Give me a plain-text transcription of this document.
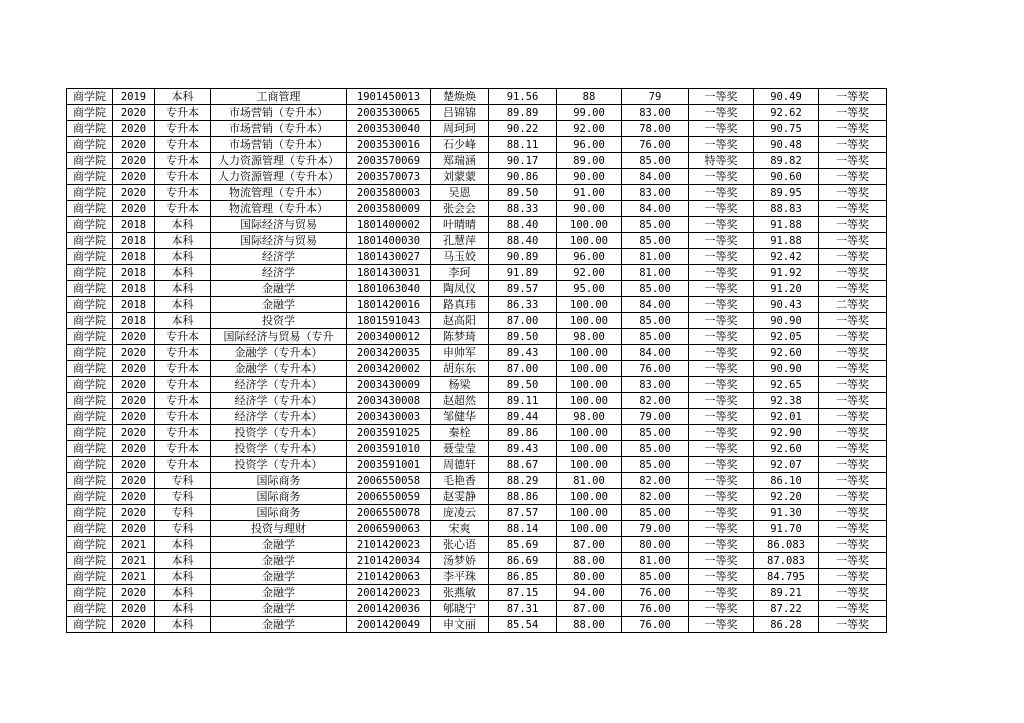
商学院	2019	本科	工商管理	1901450013	楚焕焕	91.56	88	79	一等奖	90.49	一等奖
商学院	2020	专升本	市场营销（专升本）	2003530065	吕锦锦	89.89	99.00	83.00	一等奖	92.62	一等奖
商学院	2020	专升本	市场营销（专升本）	2003530040	周珂珂	90.22	92.00	78.00	一等奖	90.75	一等奖
商学院	2020	专升本	市场营销（专升本）	2003530016	石少峰	88.11	96.00	76.00	一等奖	90.48	一等奖
商学院	2020	专升本	人力资源管理（专升本）	2003570069	郑瑞涵	90.17	89.00	85.00	特等奖	89.82	一等奖
商学院	2020	专升本	人力资源管理（专升本）	2003570073	刘蒙蒙	90.86	90.00	84.00	一等奖	90.60	一等奖
商学院	2020	专升本	物流管理（专升本）	2003580003	吴恩	89.50	91.00	83.00	一等奖	89.95	一等奖
商学院	2020	专升本	物流管理（专升本）	2003580009	张会会	88.33	90.00	84.00	一等奖	88.83	一等奖
商学院	2018	本科	国际经济与贸易	1801400002	叶晴晴	88.40	100.00	85.00	一等奖	91.88	一等奖
商学院	2018	本科	国际经济与贸易	1801400030	孔慧萍	88.40	100.00	85.00	一等奖	91.88	一等奖
商学院	2018	本科	经济学	1801430027	马玉姣	90.89	96.00	81.00	一等奖	92.42	一等奖
商学院	2018	本科	经济学	1801430031	李珂	91.89	92.00	81.00	一等奖	91.92	一等奖
商学院	2018	本科	金融学	1801063040	陶凤仪	89.57	95.00	85.00	一等奖	91.20	一等奖
商学院	2018	本科	金融学	1801420016	路真玮	86.33	100.00	84.00	一等奖	90.43	二等奖
商学院	2018	本科	投资学	1801591043	赵高阳	87.00	100.00	85.00	一等奖	90.90	一等奖
商学院	2020	专升本	国际经济与贸易（专升	2003400012	陈梦琦	89.50	98.00	85.00	一等奖	92.05	一等奖
商学院	2020	专升本	金融学（专升本）	2003420035	申帅军	89.43	100.00	84.00	一等奖	92.60	一等奖
商学院	2020	专升本	金融学（专升本）	2003420002	胡东东	87.00	100.00	76.00	一等奖	90.90	一等奖
商学院	2020	专升本	经济学（专升本）	2003430009	杨梁	89.50	100.00	83.00	一等奖	92.65	一等奖
商学院	2020	专升本	经济学（专升本）	2003430008	赵超然	89.11	100.00	82.00	一等奖	92.38	一等奖
商学院	2020	专升本	经济学（专升本）	2003430003	邹健华	89.44	98.00	79.00	一等奖	92.01	一等奖
商学院	2020	专升本	投资学（专升本）	2003591025	秦栓	89.86	100.00	85.00	一等奖	92.90	一等奖
商学院	2020	专升本	投资学（专升本）	2003591010	聂莹莹	89.43	100.00	85.00	一等奖	92.60	一等奖
商学院	2020	专升本	投资学（专升本）	2003591001	周德轩	88.67	100.00	85.00	一等奖	92.07	一等奖
商学院	2020	专科	国际商务	2006550058	毛艳香	88.29	81.00	82.00	一等奖	86.10	一等奖
商学院	2020	专科	国际商务	2006550059	赵雯静	88.86	100.00	82.00	一等奖	92.20	一等奖
商学院	2020	专科	国际商务	2006550078	庞凌云	87.57	100.00	85.00	一等奖	91.30	一等奖
商学院	2020	专科	投资与理财	2006590063	宋爽	88.14	100.00	79.00	一等奖	91.70	一等奖
商学院	2021	本科	金融学	2101420023	张心语	85.69	87.00	80.00	一等奖	86.083	一等奖
商学院	2021	本科	金融学	2101420034	汤梦娇	86.69	88.00	81.00	一等奖	87.083	一等奖
商学院	2021	本科	金融学	2101420063	李平珠	86.85	80.00	85.00	一等奖	84.795	一等奖
商学院	2020	本科	金融学	2001420023	张燕敏	87.15	94.00	76.00	一等奖	89.21	一等奖
商学院	2020	本科	金融学	2001420036	郇晓宁	87.31	87.00	76.00	一等奖	87.22	一等奖
商学院	2020	本科	金融学	2001420049	申文丽	85.54	88.00	76.00	一等奖	86.28	一等奖
